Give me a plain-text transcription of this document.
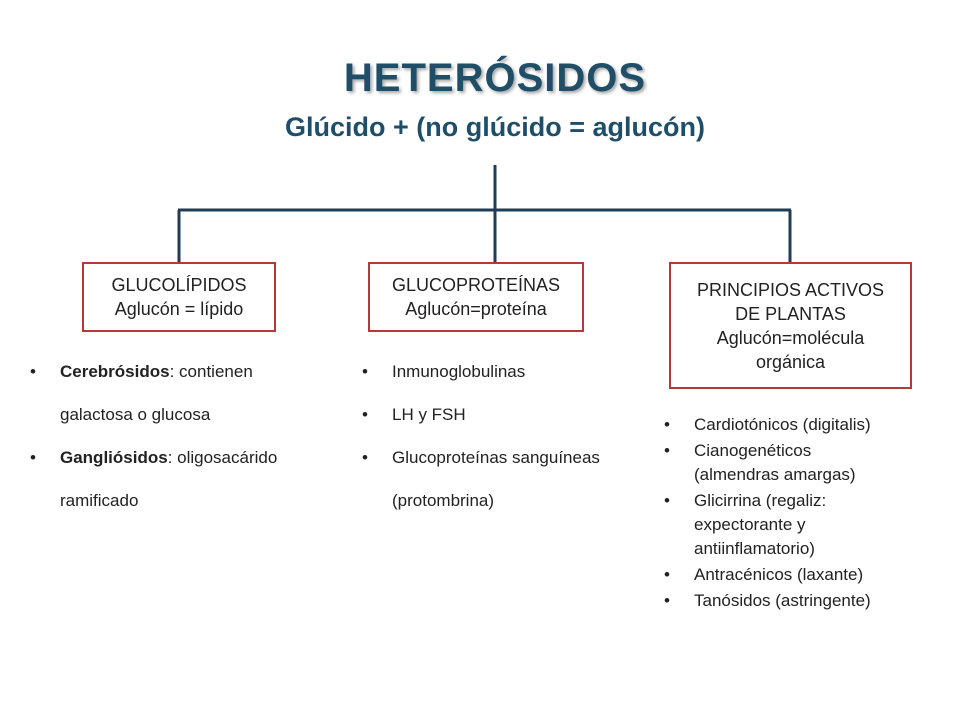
HETERÓSIDOS
Glúcido + (no glúcido = aglucón)
GLUCOLÍPIDOS
Aglucón = lípido
GLUCOPROTEÍNAS
Aglucón=proteína
PRINCIPIOS ACTIVOS
DE PLANTAS
Aglucón=molécula
orgánica
• Cerebrósidos: contienen
galactosa o glucosa
• Gangliósidos: oligosacárido
ramificado
• Inmunoglobulinas
• LH y FSH
• Glucoproteínas sanguíneas
(protombrina)
• Cardiotónicos (digitalis)
• Cianogenéticos
(almendras amargas)
• Glicirrina (regaliz:
expectorante y
antiinflamatorio)
• Antracénicos (laxante)
• Tanósidos (astringente)
